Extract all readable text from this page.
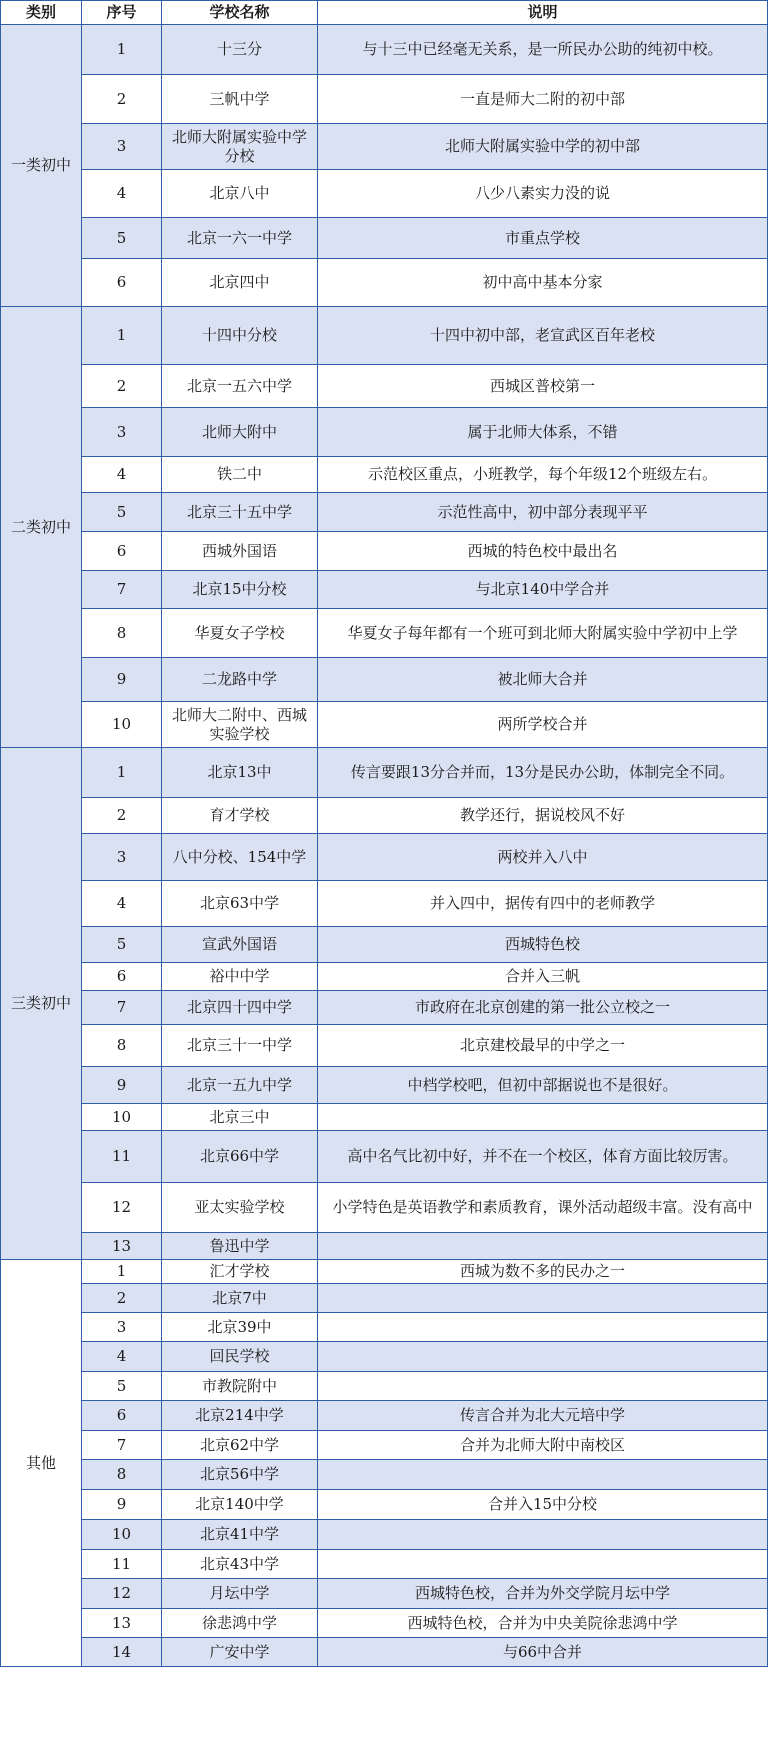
类别	序号	学校名称	说明
一类初中	1	十三分	与十三中已经毫无关系，是一所民办公助的纯初中校。
	2	三帆中学	一直是师大二附的初中部
	3	北师大附属实验中学分校	北师大附属实验中学的初中部
	4	北京八中	八少八素实力没的说
	5	北京一六一中学	市重点学校
	6	北京四中	初中高中基本分家
二类初中	1	十四中分校	十四中初中部，老宣武区百年老校
	2	北京一五六中学	西城区普校第一
	3	北师大附中	属于北师大体系，不错
	4	铁二中	示范校区重点，小班教学，每个年级12个班级左右。
	5	北京三十五中学	示范性高中，初中部分表现平平
	6	西城外国语	西城的特色校中最出名
	7	北京15中分校	与北京140中学合并
	8	华夏女子学校	华夏女子每年都有一个班可到北师大附属实验中学初中上学
	9	二龙路中学	被北师大合并
	10	北师大二附中、西城实验学校	两所学校合并
三类初中	1	北京13中	传言要跟13分合并而，13分是民办公助，体制完全不同。
	2	育才学校	教学还行，据说校风不好
	3	八中分校、154中学	两校并入八中
	4	北京63中学	并入四中，据传有四中的老师教学
	5	宣武外国语	西城特色校
	6	裕中中学	合并入三帆
	7	北京四十四中学	市政府在北京创建的第一批公立校之一
	8	北京三十一中学	北京建校最早的中学之一
	9	北京一五九中学	中档学校吧，但初中部据说也不是很好。
	10	北京三中	
	11	北京66中学	高中名气比初中好，并不在一个校区，体育方面比较厉害。
	12	亚太实验学校	小学特色是英语教学和素质教育，课外活动超级丰富。没有高中
	13	鲁迅中学	
其他	1	汇才学校	西城为数不多的民办之一
	2	北京7中	
	3	北京39中	
	4	回民学校	
	5	市教院附中	
	6	北京214中学	传言合并为北大元培中学
	7	北京62中学	合并为北师大附中南校区
	8	北京56中学	
	9	北京140中学	合并入15中分校
	10	北京41中学	
	11	北京43中学	
	12	月坛中学	西城特色校，合并为外交学院月坛中学
	13	徐悲鸿中学	西城特色校，合并为中央美院徐悲鸿中学
	14	广安中学	与66中合并
